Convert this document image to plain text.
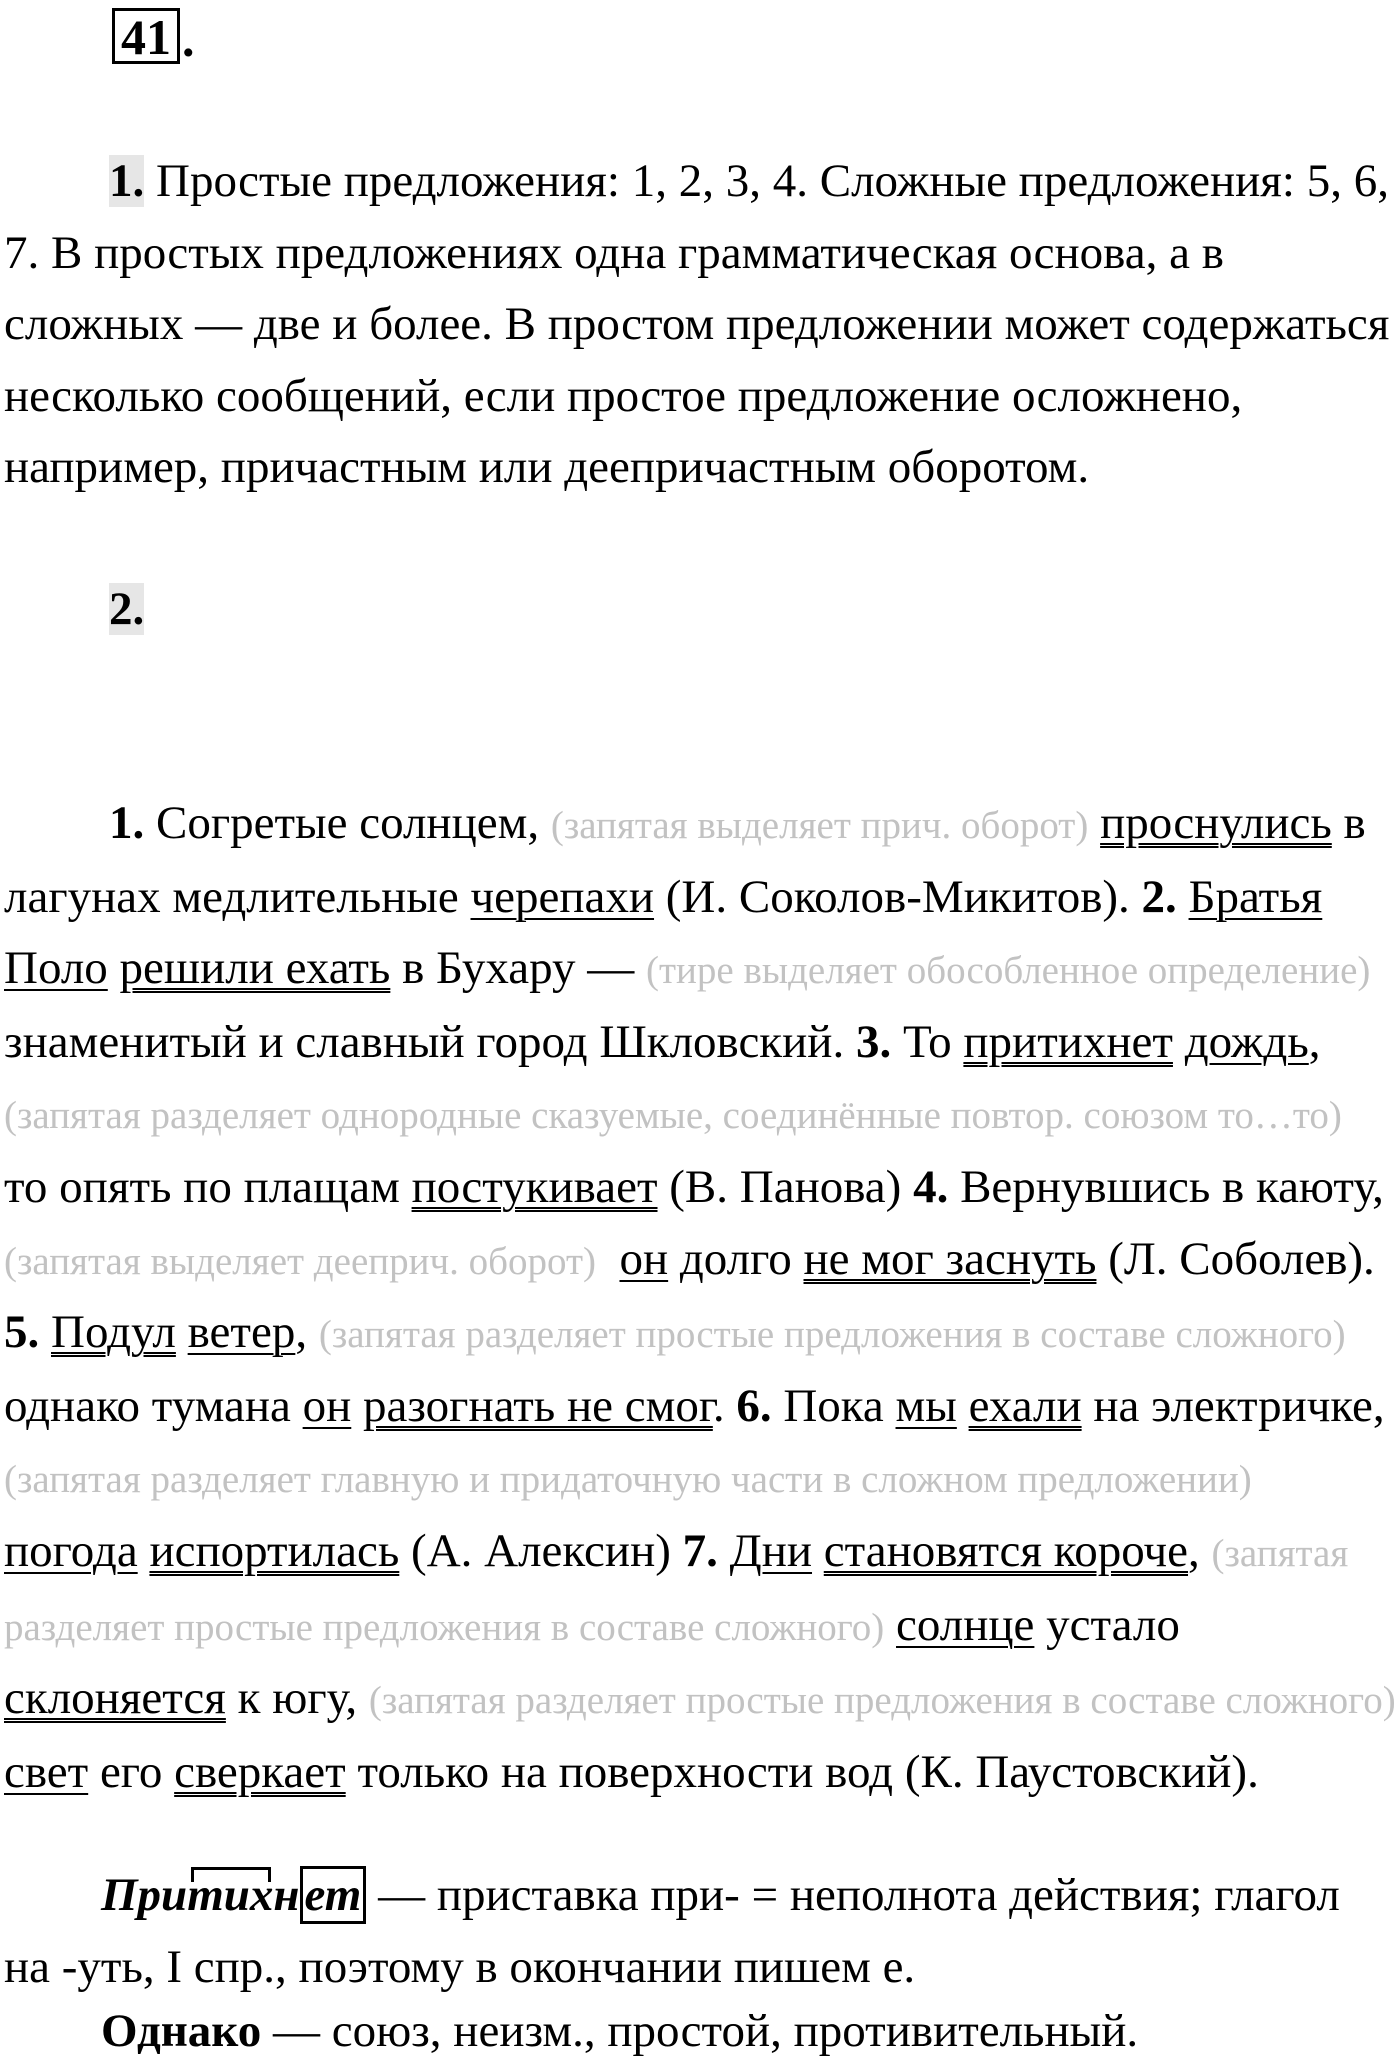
41 .

1. Простые предложения: 1, 2, 3, 4. Сложные предложения: 5, 6, 7. В простых предложениях одна грамматическая основа, а в сложных — две и более. В простом предложении может содержаться несколько сообщений, если простое предложение осложнено, например, причастным или деепричастным оборотом.

2.

1. Согретые солнцем, (запятая выделяет прич. оборот) проснулись в лагунах медлительные черепахи (И. Соколов-Микитов). 2. Братья Поло решили ехать в Бухару — (тире выделяет обособленное определение) знаменитый и славный город Шкловский. 3. То притихнет дождь, (запятая разделяет однородные сказуемые, соединённые повтор. союзом то…то) то опять по плащам постукивает (В. Панова) 4. Вернувшись в каюту, (запятая выделяет дееприч. оборот) он долго не мог заснуть (Л. Соболев). 5. Подул ветер, (запятая разделяет простые предложения в составе сложного) однако тумана он разогнать не смог. 6. Пока мы ехали на электричке, (запятая разделяет главную и придаточную части в сложном предложении) погода испортилась (А. Алексин) 7. Дни становятся короче, (запятая разделяет простые предложения в составе сложного) солнце устало склоняется к югу, (запятая разделяет простые предложения в составе сложного) свет его сверкает только на поверхности вод (К. Паустовский).

Притихн ет — приставка при- = неполнота действия; глагол на -уть, I спр., поэтому в окончании пишем е.

Однако — союз, неизм., простой, противительный.
